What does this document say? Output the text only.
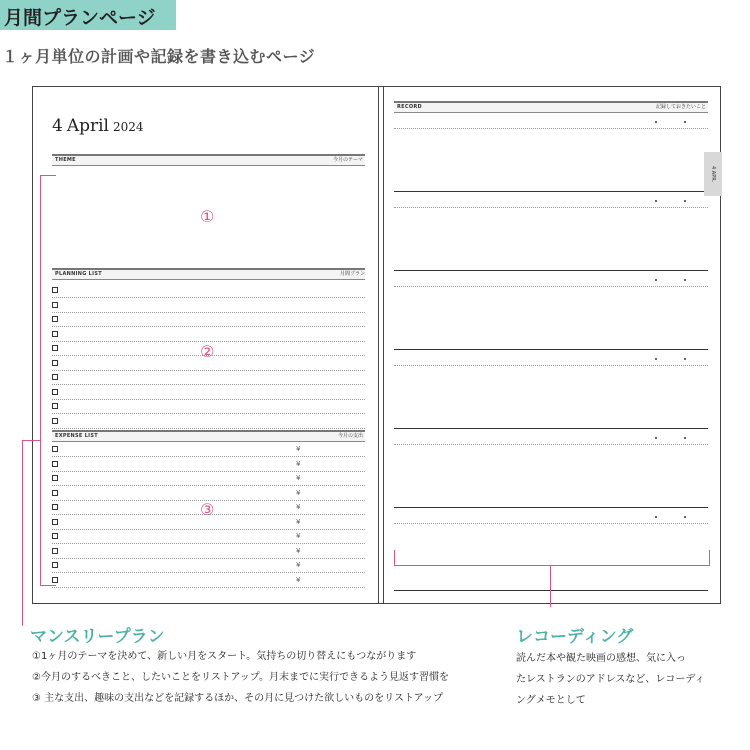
月間プランページ
１ヶ月単位の計画や記録を書き込むページ
4 April 2024
THEME	今月のテーマ
①
PLANNING LIST	月間プラン
②
EXPENSE LIST	今月の支出
¥
¥
¥
¥
¥
¥
¥
¥
¥
¥
③
RECORD	記録しておきたいこと
4 APR.
マンスリープラン
①1ヶ月のテーマを決めて、新しい月をスタート。気持ちの切り替えにもつながります
②今月のするべきこと、したいことをリストアップ。月末までに実行できるよう見返す習慣を
③ 主な支出、趣味の支出などを記録するほか、その月に見つけた欲しいものをリストアップ
レコーディング
読んだ本や観た映画の感想、気に入っ
たレストランのアドレスなど、レコーディ
ングメモとして
